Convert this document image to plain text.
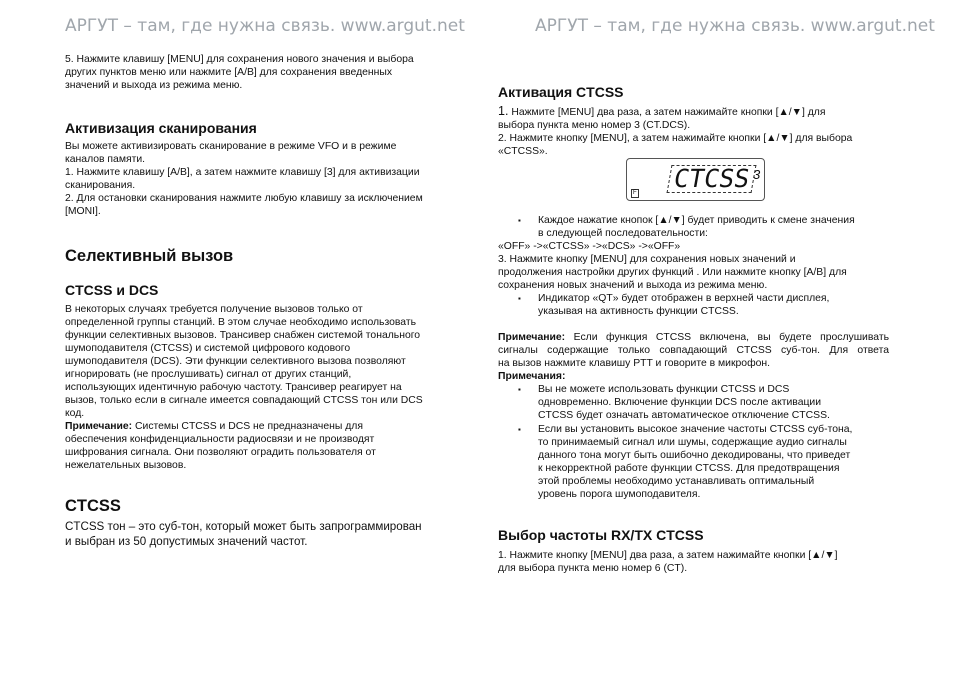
АРГУТ – там, где нужна связь. www.argut.net	АРГУТ – там, где нужна связь. www.argut.net
5. Нажмите клавишу [MENU] для сохранения нового значения и выбора
других пунктов меню или нажмите [A/B] для сохранения введенных
значений и выхода из режима меню.
Активизация сканирования
Вы можете активизировать сканирование в режиме VFO и в режиме
каналов памяти.
1. Нажмите клавишу [A/B], а затем нажмите клавишу [3] для активизации
сканирования.
2. Для остановки сканирования нажмите любую клавишу за исключением
[MONI].
Селективный вызов
CTCSS и DCS
В некоторых случаях требуется получение вызовов только от
определенной группы станций. В этом случае необходимо использовать
функции селективных вызовов. Трансивер снабжен системой тонального
шумоподавителя (CTCSS) и системой цифрового кодового
шумоподавителя (DCS). Эти функции селективного вызова позволяют
игнорировать (не прослушивать) сигнал от других станций,
использующих идентичную рабочую частоту. Трансивер реагирует на
вызов, только если в сигнале имеется совпадающий CTCSS тон или DCS
код.
Примечание: Системы CTCSS и DCS не предназначены для
обеспечения конфиденциальности радиосвязи и не производят
шифрования сигнала. Они позволяют оградить пользователя от
нежелательных вызовов.
CTCSS
CTCSS тон – это суб-тон, который может быть запрограммирован
и выбран из 50 допустимых значений частот.
Активация CTCSS
1. Нажмите [MENU] два раза, а затем нажимайте кнопки [▲/▼] для
выбора пункта меню номер 3 (CT.DCS).
2. Нажмите кнопку [MENU], а затем нажимайте кнопки [▲/▼] для выбора
«CTCSS».
CTCSS 3
F
▪ Каждое нажатие кнопок [▲/▼] будет приводить к смене значения
в следующей последовательности:
«OFF» ->«CTCSS» ->«DCS» ->«OFF»
3. Нажмите кнопку [MENU] для сохранения новых значений и
продолжения настройки других функций . Или нажмите кнопку [A/B] для
сохранения новых значений и выхода из режима меню.
▪ Индикатор «QT» будет отображен в верхней части дисплея,
указывая на активность функции CTCSS.
Примечание: Если функция CTCSS включена, вы будете прослушивать
сигналы содержащие только совпадающий CTCSS суб-тон. Для ответа
на вызов нажмите клавишу PTT и говорите в микрофон.
Примечания:
▪ Вы не можете использовать функции CTCSS и DCS
одновременно. Включение функции DCS после активации
CTCSS будет означать автоматическое отключение CTCSS.
▪ Если вы установить высокое значение частоты CTCSS суб-тона,
то принимаемый сигнал или шумы, содержащие аудио сигналы
данного тона могут быть ошибочно декодированы, что приведет
к некорректной работе функции CTCSS. Для предотвращения
этой проблемы необходимо устанавливать оптимальный
уровень порога шумоподавителя.
Выбор частоты RX/TX CTCSS
1. Нажмите кнопку [MENU] два раза, а затем нажимайте кнопки [▲/▼]
для выбора пункта меню номер 6 (CT).
